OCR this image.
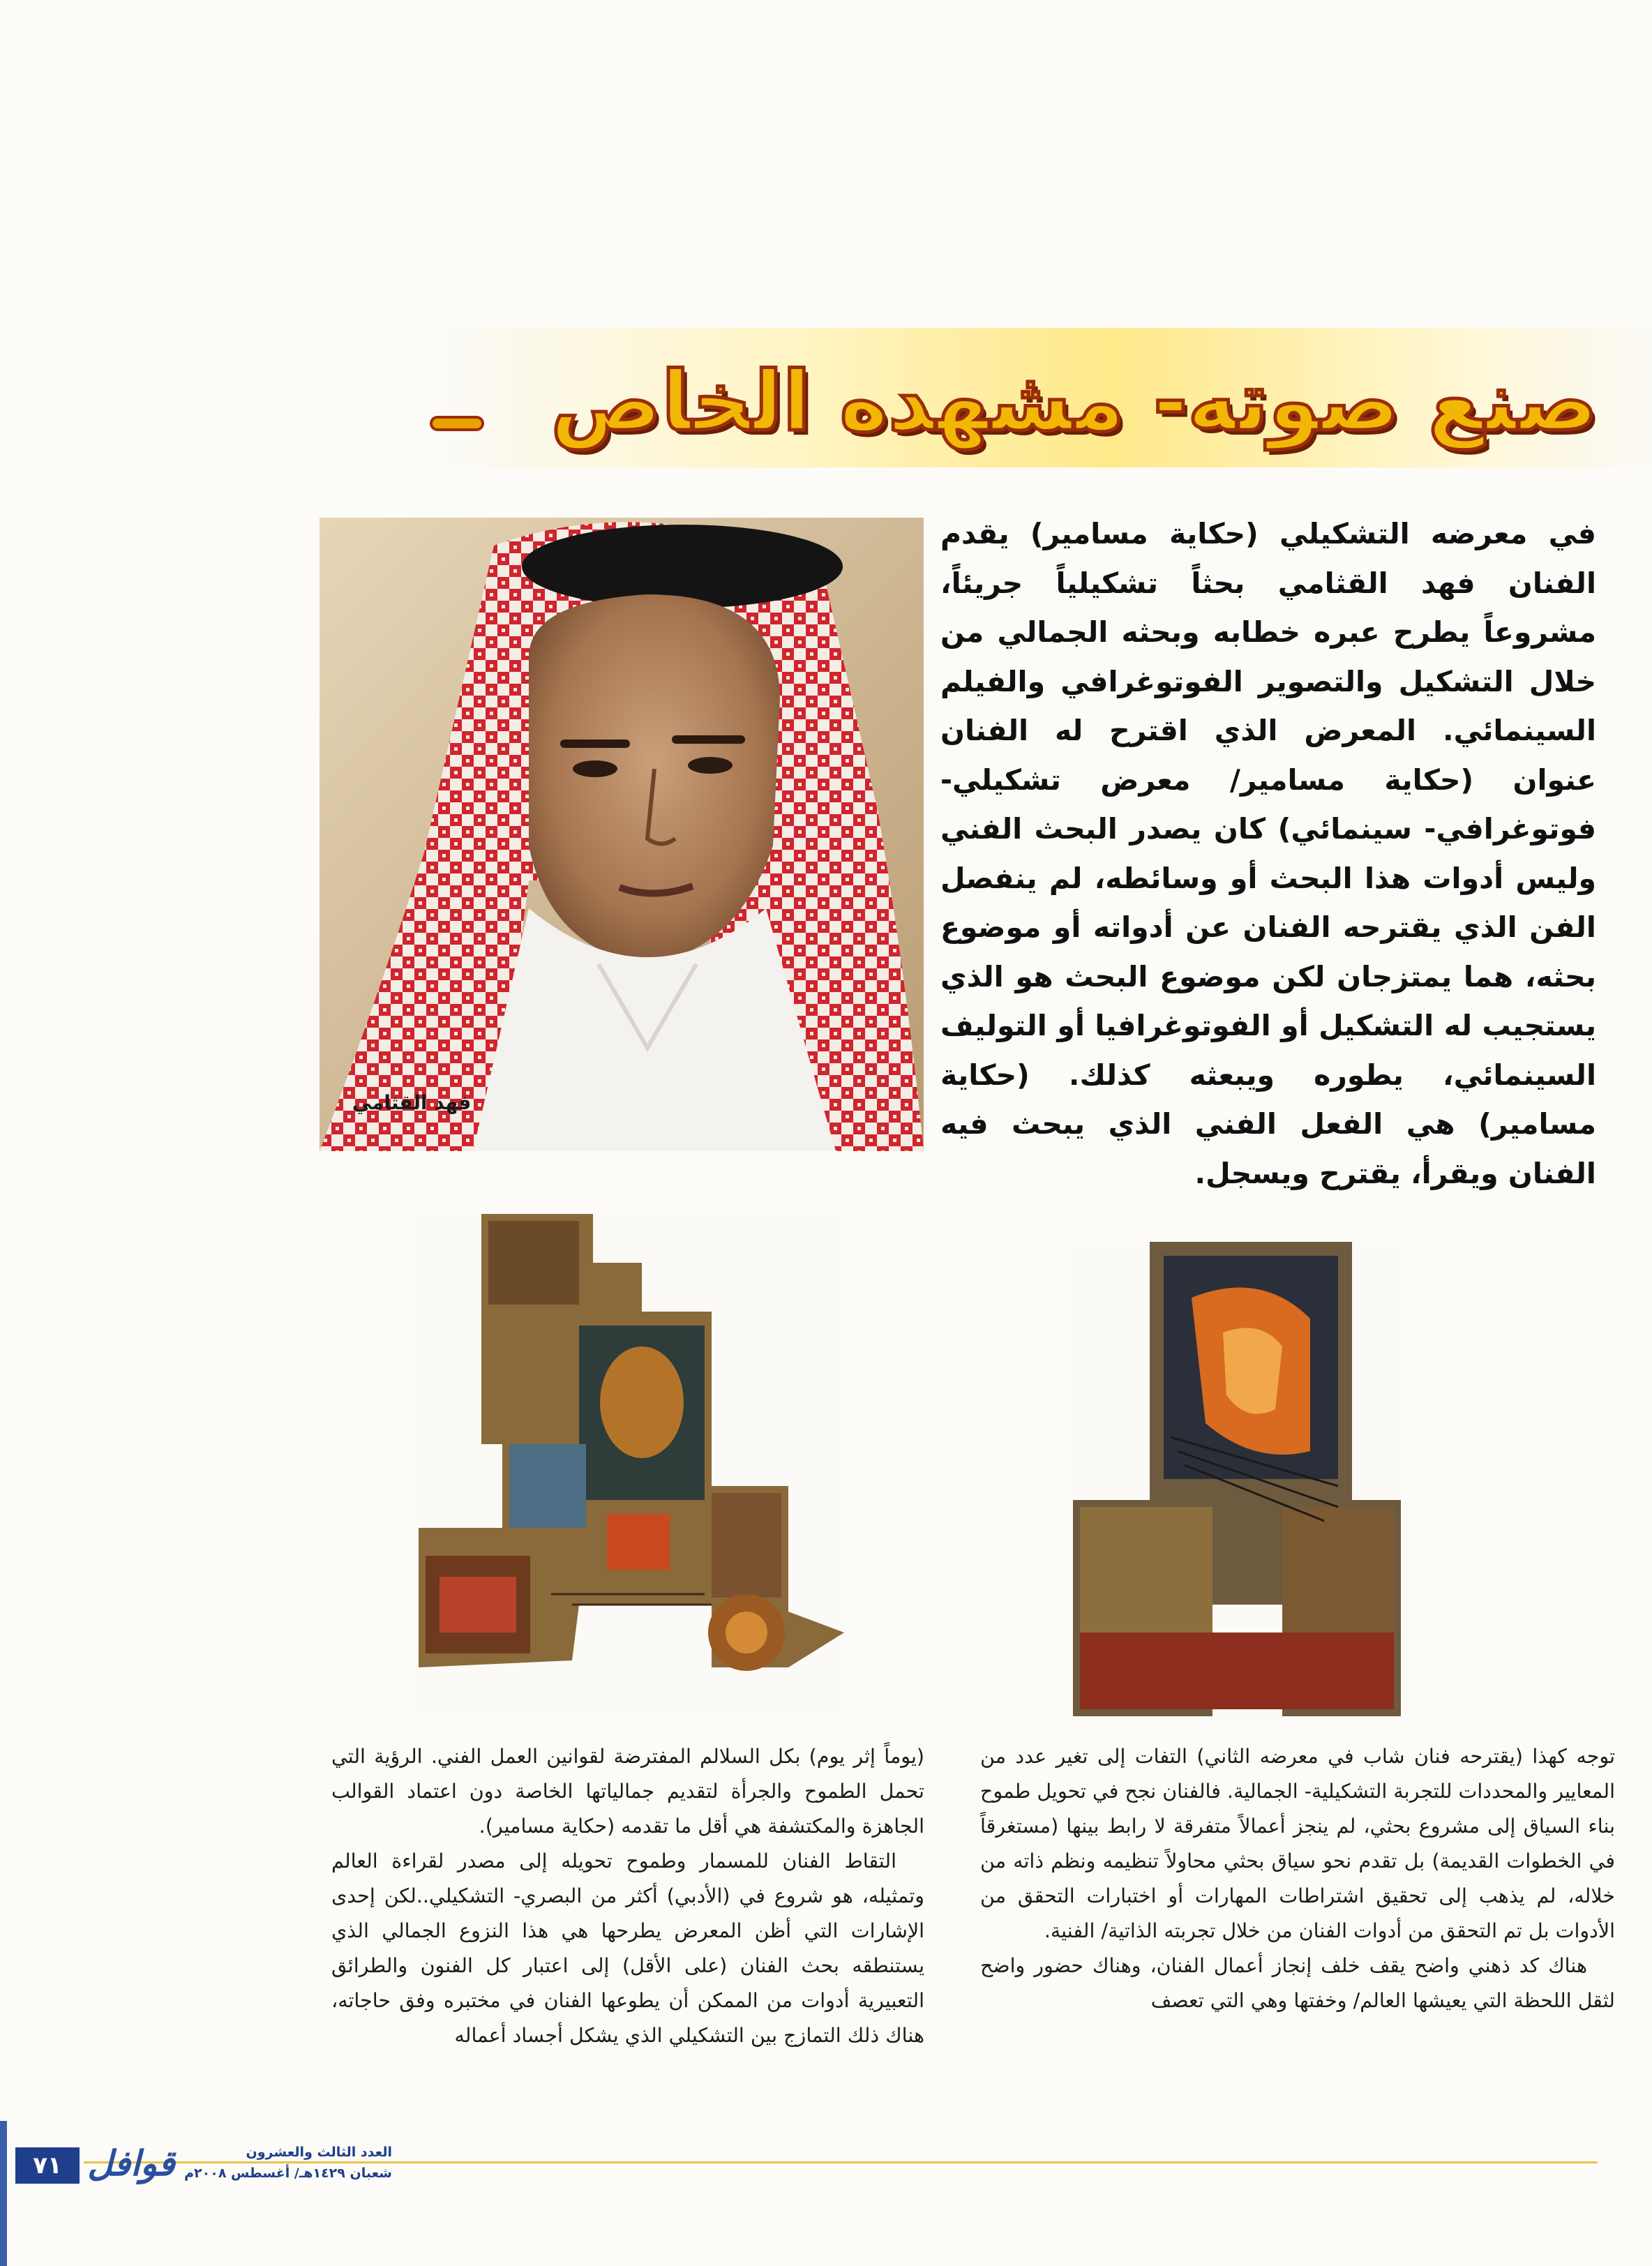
صنع صوته- مشهده الخاص
فهد القثامي
في معرضه التشكيلي (حكاية مسامير) يقدم الفنان فهد القثامي بحثاً تشكيلياً جريئاً، مشروعاً يطرح عبره خطابه وبحثه الجمالي من خلال التشكيل والتصوير الفوتوغرافي والفيلم السينمائي. المعرض الذي اقترح له الفنان عنوان (حكاية مسامير/ معرض تشكيلي- فوتوغرافي- سينمائي) كان يصدر البحث الفني وليس أدوات هذا البحث أو وسائطه، لم ينفصل الفن الذي يقترحه الفنان عن أدواته أو موضوع بحثه، هما يمتزجان لكن موضوع البحث هو الذي يستجيب له التشكيل أو الفوتوغرافيا أو التوليف السينمائي، يطوره ويبعثه كذلك. (حكاية مسامير) هي الفعل الفني الذي يبحث فيه الفنان ويقرأ، يقترح ويسجل.

توجه كهذا (يقترحه فنان شاب في معرضه الثاني) التفات إلى تغير عدد من المعايير والمحددات للتجربة التشكيلية- الجمالية. فالفنان نجح في تحويل طموح بناء السياق إلى مشروع بحثي، لم ينجز أعمالاً متفرقة لا رابط بينها (مستغرقاً في الخطوات القديمة) بل تقدم نحو سياق بحثي محاولاً تنظيمه ونظم ذاته من خلاله، لم يذهب إلى تحقيق اشتراطات المهارات أو اختبارات التحقق من الأدوات بل تم التحقق من أدوات الفنان من خلال تجربته الذاتية/ الفنية.

هناك كد ذهني واضح يقف خلف إنجاز أعمال الفنان، وهناك حضور واضح لثقل اللحظة التي يعيشها العالم/ وخفتها وهي التي تعصف

(يوماً إثر يوم) بكل السلالم المفترضة لقوانين العمل الفني. الرؤية التي تحمل الطموح والجرأة لتقديم جمالياتها الخاصة دون اعتماد القوالب الجاهزة والمكتشفة هي أقل ما تقدمه (حكاية مسامير).

التقاط الفنان للمسمار وطموح تحويله إلى مصدر لقراءة العالم وتمثيله، هو شروع في (الأدبي) أكثر من البصري- التشكيلي..لكن إحدى الإشارات التي أظن المعرض يطرحها هي هذا النزوع الجمالي الذي يستنطقه بحث الفنان (على الأقل) إلى اعتبار كل الفنون والطرائق التعبيرية أدوات من الممكن أن يطوعها الفنان في مختبره وفق حاجاته، هناك ذلك التمازج بين التشكيلي الذي يشكل أجساد أعماله

٧١ قوافل	العدد الثالث والعشرون
شعبان ١٤٢٩هـ/ أغسطس ٢٠٠٨م
